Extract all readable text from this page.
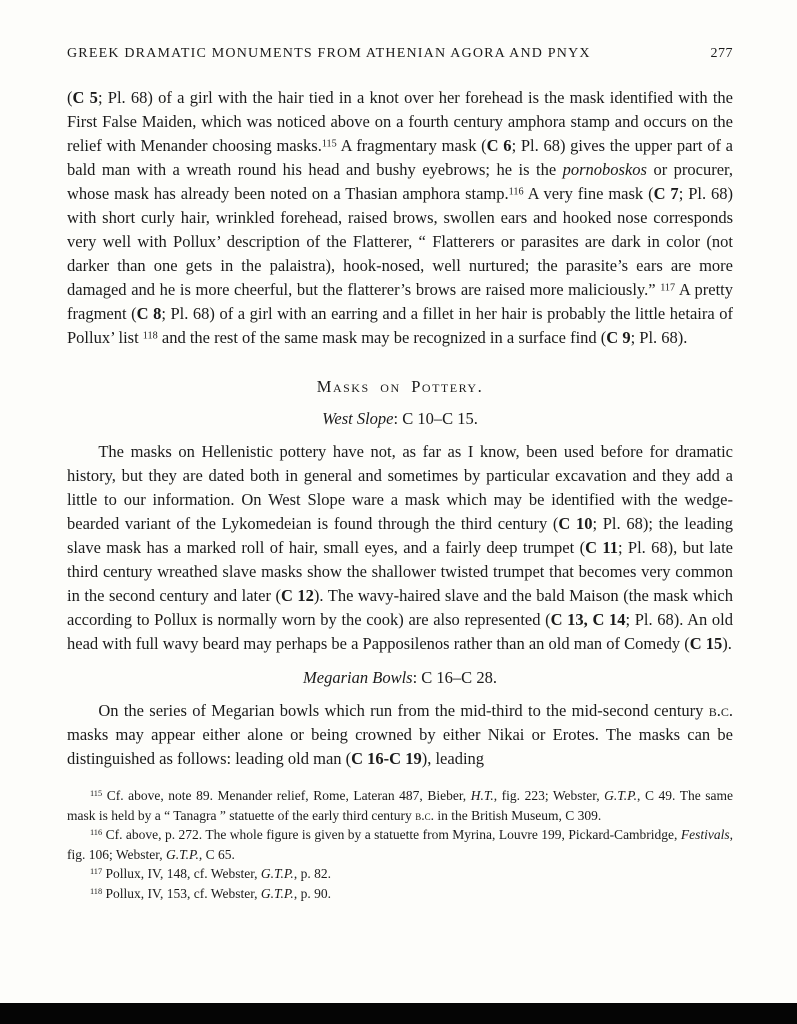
GREEK DRAMATIC MONUMENTS FROM ATHENIAN AGORA AND PNYX	277

(C 5; Pl. 68) of a girl with the hair tied in a knot over her forehead is the mask identified with the First False Maiden, which was noticed above on a fourth century amphora stamp and occurs on the relief with Menander choosing masks.$^{115}$ A fragmentary mask (C 6; Pl. 68) gives the upper part of a bald man with a wreath round his head and bushy eyebrows; he is the pornoboskos or procurer, whose mask has already been noted on a Thasian amphora stamp.$^{116}$ A very fine mask (C 7; Pl. 68) with short curly hair, wrinkled forehead, raised brows, swollen ears and hooked nose corresponds very well with Pollux’ description of the Flatterer, “ Flatterers or parasites are dark in color (not darker than one gets in the palaistra), hook-nosed, well nurtured; the parasite’s ears are more damaged and he is more cheerful, but the flatterer’s brows are raised more maliciously.” $^{117}$ A pretty fragment (C 8; Pl. 68) of a girl with an earring and a fillet in her hair is probably the little hetaira of Pollux’ list $^{118}$ and the rest of the same mask may be recognized in a surface find (C 9; Pl. 68).

Masks on Pottery.
West Slope: C 10–C 15.

The masks on Hellenistic pottery have not, as far as I know, been used before for dramatic history, but they are dated both in general and sometimes by particular excavation and they add a little to our information. On West Slope ware a mask which may be identified with the wedge-bearded variant of the Lykomedeian is found through the third century (C 10; Pl. 68); the leading slave mask has a marked roll of hair, small eyes, and a fairly deep trumpet (C 11; Pl. 68), but late third century wreathed slave masks show the shallower twisted trumpet that becomes very common in the second century and later (C 12). The wavy-haired slave and the bald Maison (the mask which according to Pollux is normally worn by the cook) are also represented (C 13, C 14; Pl. 68). An old head with full wavy beard may perhaps be a Papposilenos rather than an old man of Comedy (C 15).

Megarian Bowls: C 16–C 28.

On the series of Megarian bowls which run from the mid-third to the mid-second century b.c. masks may appear either alone or being crowned by either Nikai or Erotes. The masks can be distinguished as follows: leading old man (C 16-C 19), leading

$^{115}$ Cf. above, note 89. Menander relief, Rome, Lateran 487, Bieber, H.T., fig. 223; Webster, G.T.P., C 49. The same mask is held by a “ Tanagra ” statuette of the early third century b.c. in the British Museum, C 309.

$^{116}$ Cf. above, p. 272. The whole figure is given by a statuette from Myrina, Louvre 199, Pickard-Cambridge, Festivals, fig. 106; Webster, G.T.P., C 65.

$^{117}$ Pollux, IV, 148, cf. Webster, G.T.P., p. 82.

$^{118}$ Pollux, IV, 153, cf. Webster, G.T.P., p. 90.
